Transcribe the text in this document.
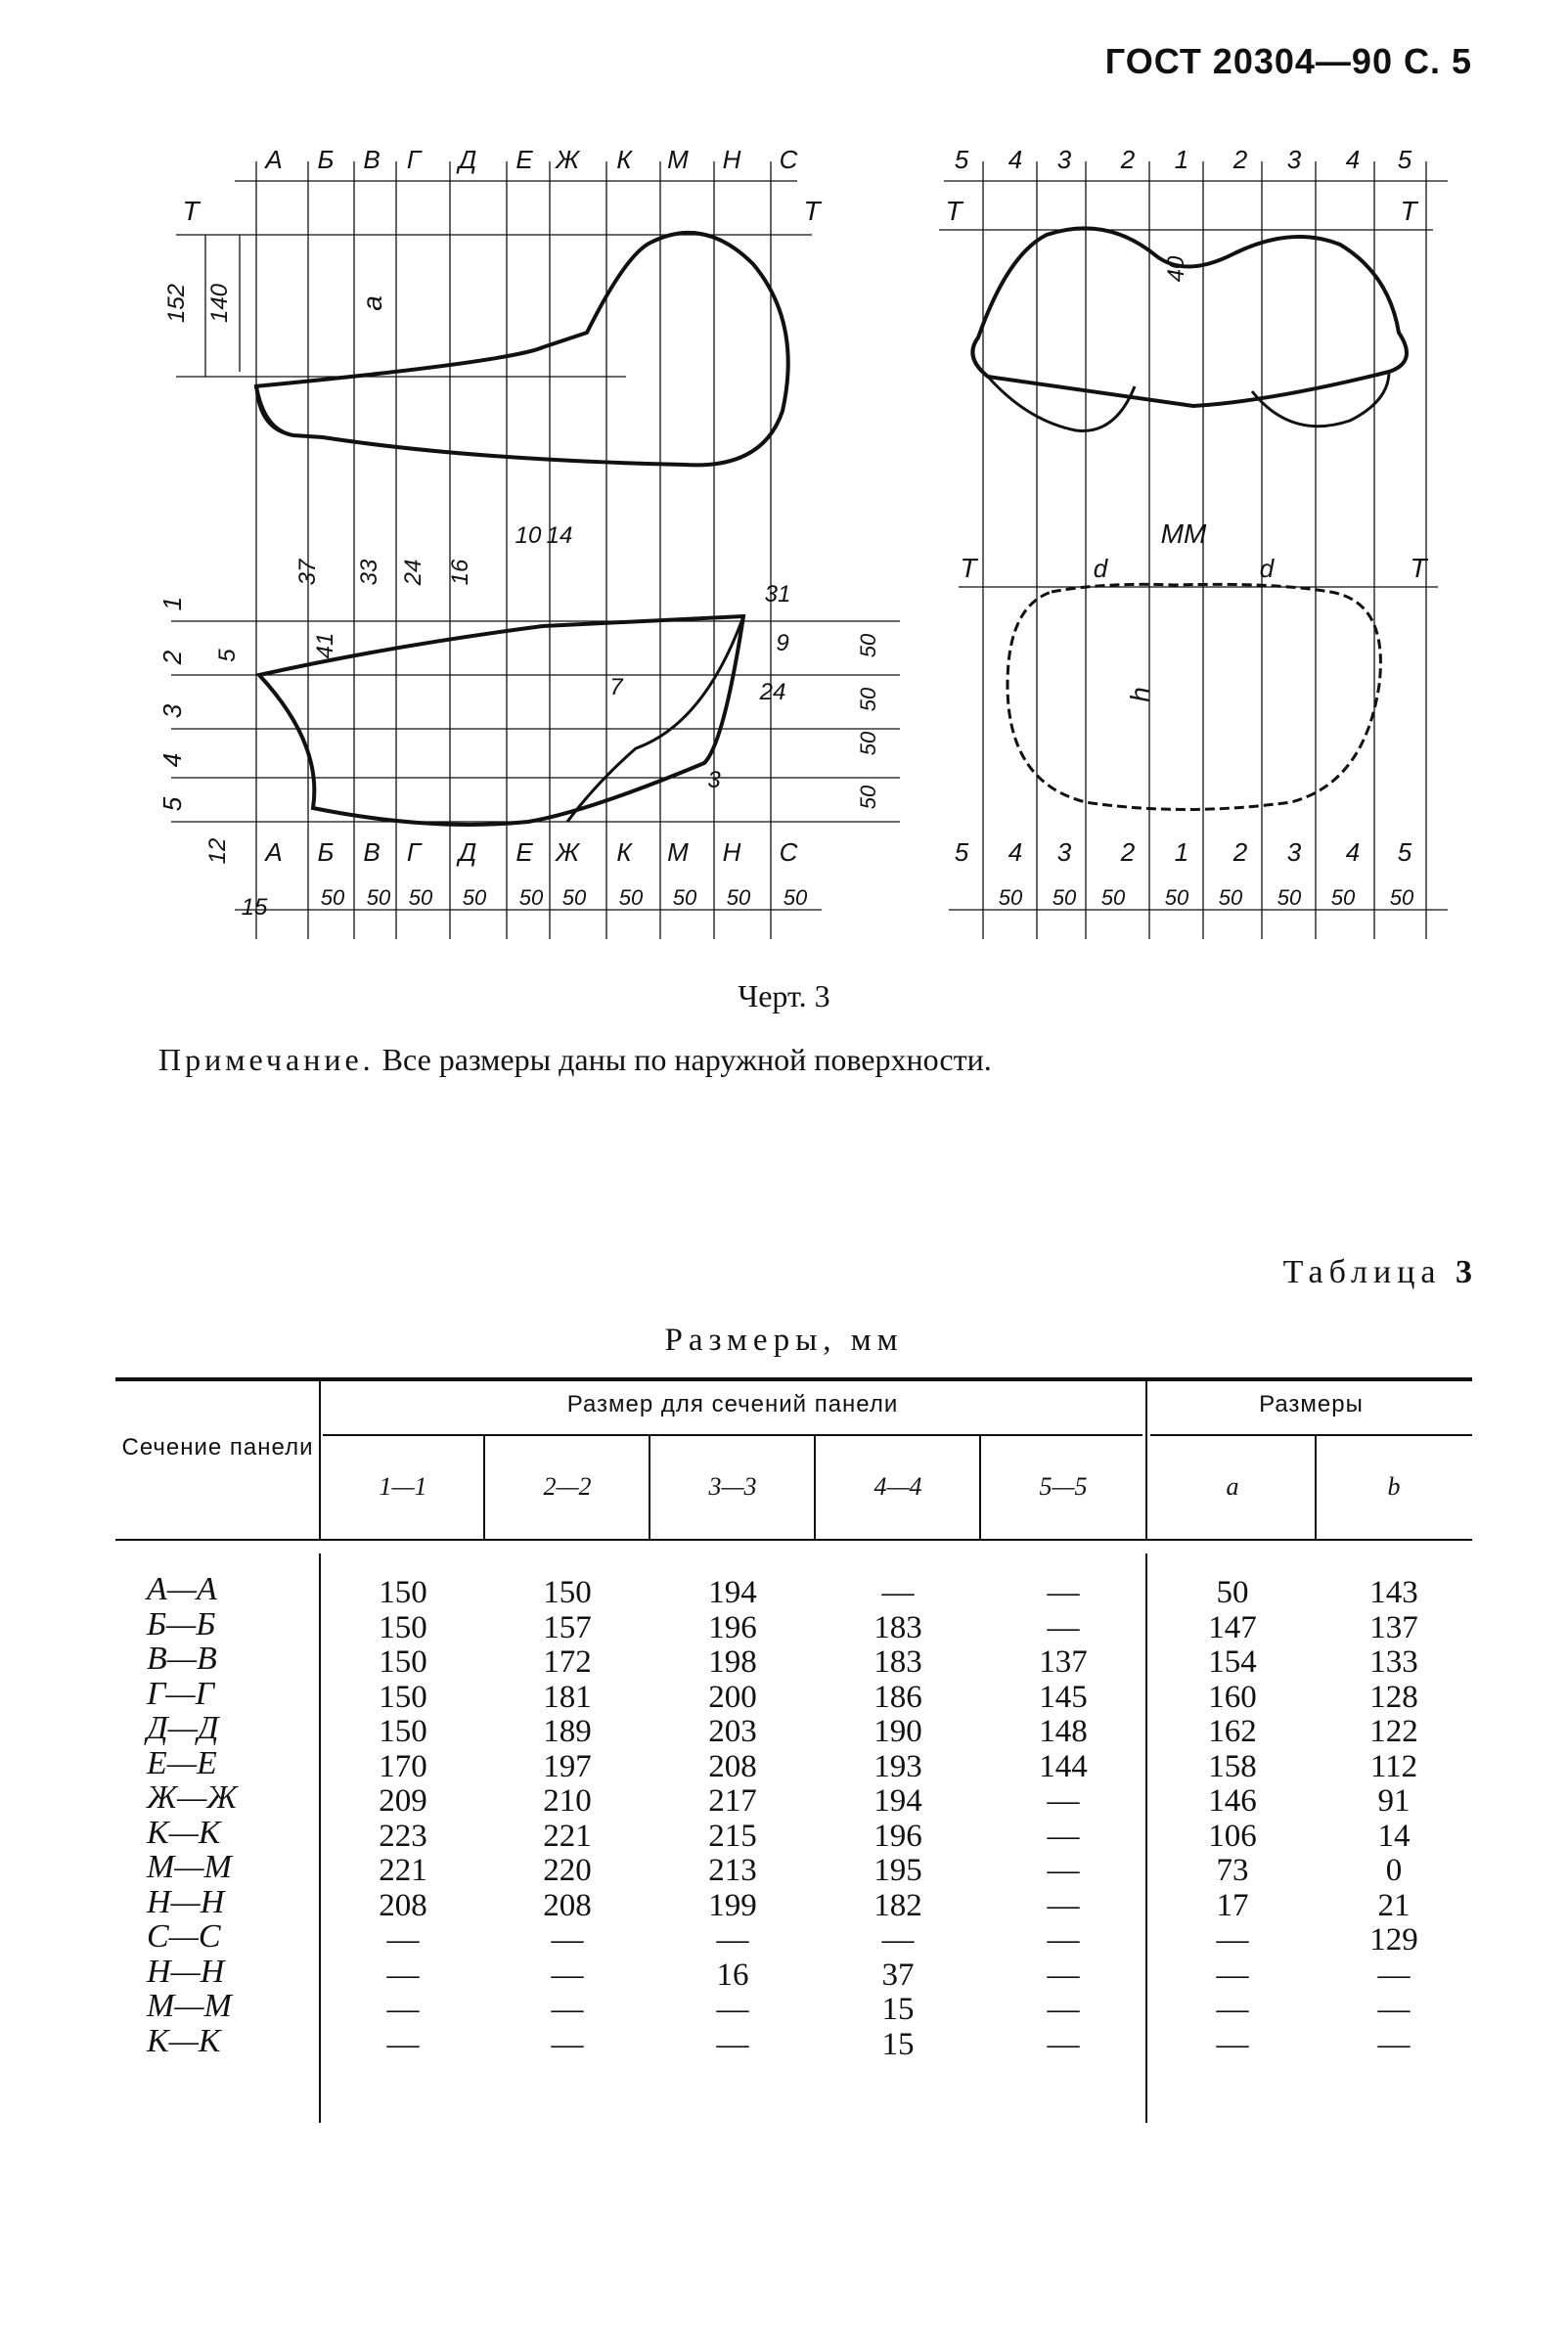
ГОСТ 20304—90 С. 5
А
А
Б
Б
В
В
Г
Г
Д
Д
Е
Е
Ж
Ж
К
К
М
М
Н
Н
С
С
Т	Т
152 140	a
1
2
3
4
5
37 33 24 16
10 14
41
31
9
24
7
3
12
15
5
50 50 50 50 50 50 50 50 50 50
50
50
50
50
5
5
4
4
3
3
2
2
1
1
2
2
3
3
4
4
5
5
Т	Т
40
ММ
Т	Т
d	d
h
50 50 50 50 50 50 50 50
Черт. 3
Примечание. Все размеры даны по наружной поверхности.
Таблица 3
Размеры, мм
Сечение панели
Размер для сечений панели	Размеры
1—1	2—2	3—3	4—4	5—5	a	b
А—А	150	150	194	—	—	50	143
Б—Б	150	157	196	183	—	147	137
В—В	150	172	198	183	137	154	133
Г—Г	150	181	200	186	145	160	128
Д—Д	150	189	203	190	148	162	122
Е—Е	170	197	208	193	144	158	112
Ж—Ж	209	210	217	194	—	146	91
К—К	223	221	215	196	—	106	14
М—М	221	220	213	195	—	73	0
Н—Н	208	208	199	182	—	17	21
С—С	—	—	—	—	—	—	129
Н—Н	—	—	16	37	—	—	—
М—М	—	—	—	15	—	—	—
К—К	—	—	—	15	—	—	—
